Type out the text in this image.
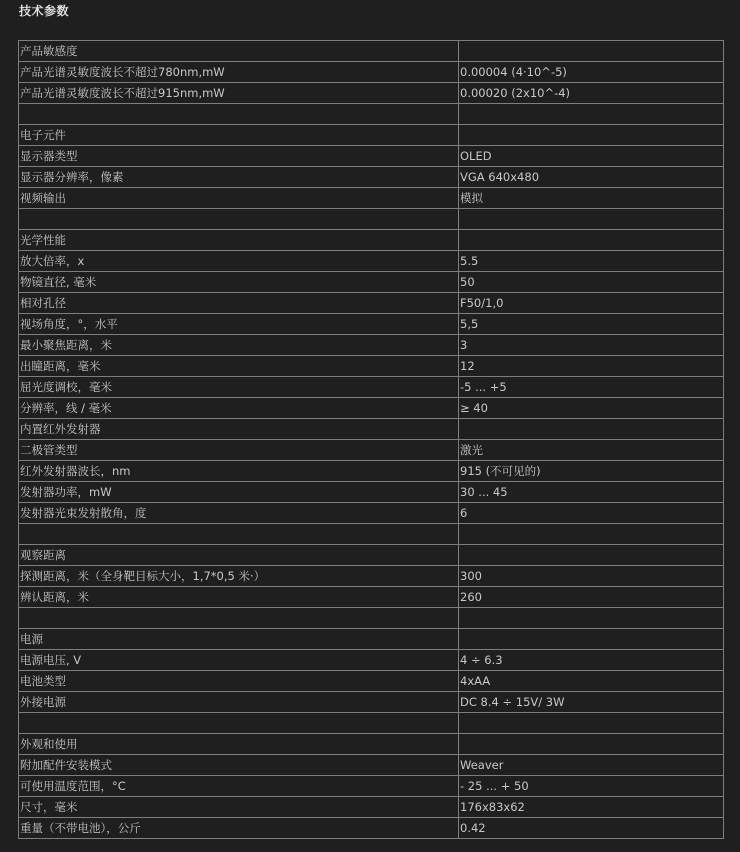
技术参数
产品敏感度	
产品光谱灵敏度波长不超过780nm,mW	0.00004 (4·10^-5)
产品光谱灵敏度波长不超过915nm,mW	0.00020 (2x10^-4)

电子元件	
显示器类型	OLED
显示器分辨率，像素	VGA 640x480
视频输出	模拟

光学性能	
放大倍率，x	5.5
物镜直径, 毫米	50
相对孔径	F50/1,0
视场角度，°，水平	5,5
最小聚焦距离，米	3
出瞳距离，毫米	12
屈光度调校，毫米	-5 ... +5
分辨率，线 / 毫米	≥ 40
内置红外发射器	
二极管类型	激光
红外发射器波长，nm	915 (不可见的)
发射器功率，mW	30 ... 45
发射器光束发射散角，度	6

观察距离	
探测距离，米（全身靶目标大小，1,7*0,5 米·）	300
辨认距离，米	260

电源	
电源电压, V	4 ÷ 6.3
电池类型	4xAA
外接电源	DC 8.4 ÷ 15V/ 3W

外观和使用	
附加配件安装模式	Weaver
可使用温度范围，°C	- 25 ... + 50
尺寸，毫米	176x83x62
重量（不带电池），公斤	0.42
